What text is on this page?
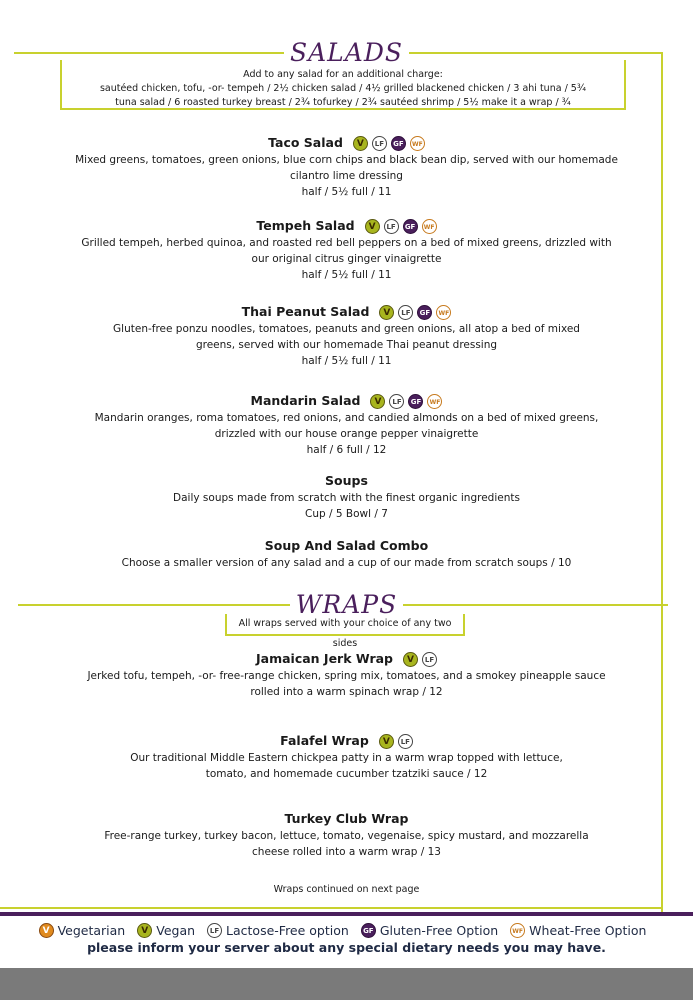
SALADS
Add to any salad for an additional charge:
sautéed chicken, tofu, -or- tempeh / 2½ chicken salad / 4½ grilled blackened chicken / 3 ahi tuna / 5¾
tuna salad / 6 roasted turkey breast / 2¾ tofurkey / 2¾ sautéed shrimp / 5½ make it a wrap / ¾
Taco Salad	V	LF	GF	WF
Mixed greens, tomatoes, green onions, blue corn chips and black bean dip, served with our homemade
cilantro lime dressing
half / 5½ full / 11
Tempeh Salad	V	LF	GF	WF
Grilled tempeh, herbed quinoa, and roasted red bell peppers on a bed of mixed greens, drizzled with
our original citrus ginger vinaigrette
half / 5½ full / 11
Thai Peanut Salad	V	LF	GF	WF
Gluten-free ponzu noodles, tomatoes, peanuts and green onions, all atop a bed of mixed
greens, served with our homemade Thai peanut dressing
half / 5½ full / 11
Mandarin Salad	V	LF	GF	WF
Mandarin oranges, roma tomatoes, red onions, and candied almonds on a bed of mixed greens,
drizzled with our house orange pepper vinaigrette
half / 6 full / 12
Soups
Daily soups made from scratch with the finest organic ingredients
Cup / 5 Bowl / 7
Soup And Salad Combo
Choose a smaller version of any salad and a cup of our made from scratch soups / 10
WRAPS
All wraps served with your choice of any two sides
Jamaican Jerk Wrap	V	LF
Jerked tofu, tempeh, -or- free-range chicken, spring mix, tomatoes, and a smokey pineapple sauce
rolled into a warm spinach wrap / 12
Falafel Wrap	V	LF
Our traditional Middle Eastern chickpea patty in a warm wrap topped with lettuce,
tomato, and homemade cucumber tzatziki sauce / 12
Turkey Club Wrap
Free-range turkey, turkey bacon, lettuce, tomato, vegenaise, spicy mustard, and mozzarella
cheese rolled into a warm wrap / 13
Wraps continued on next page
V Vegetarian	V Vegan	LF Lactose-Free option	GF Gluten-Free Option	WF Wheat-Free Option
please inform your server about any special dietary needs you may have.
